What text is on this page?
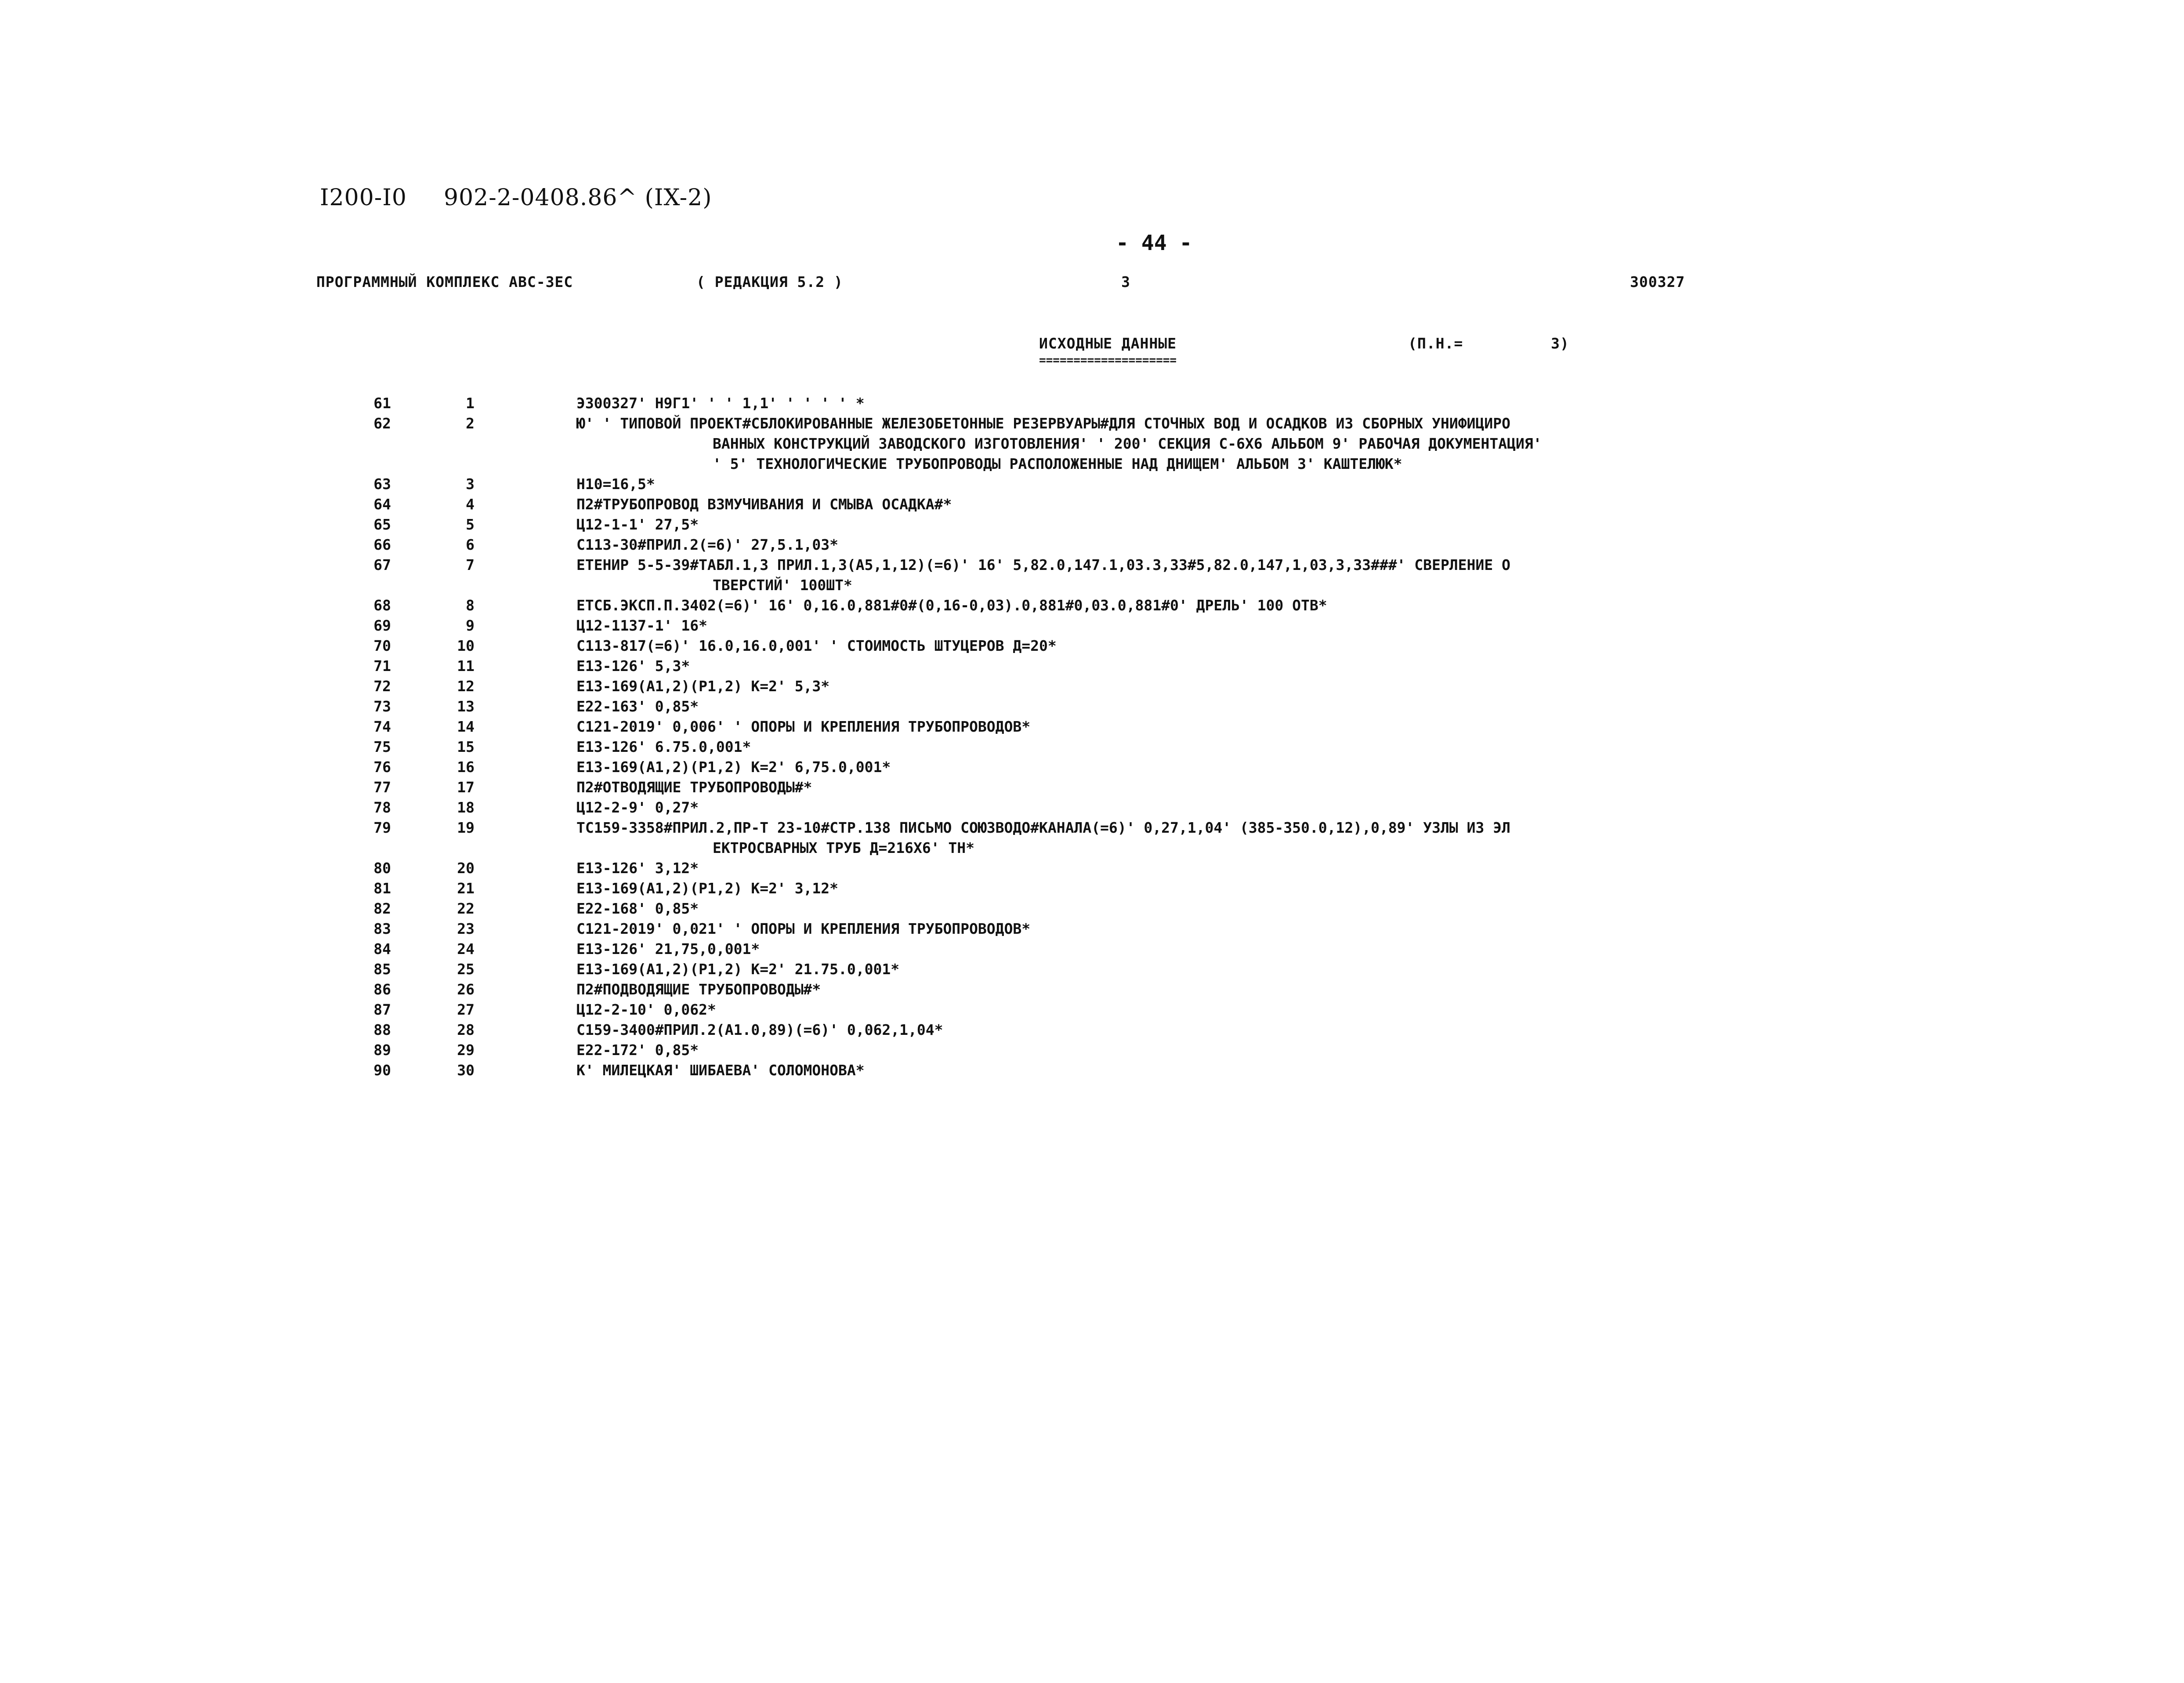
I200-I0 902-2-0408.86^ (IX-2)
- 44 -
ПРОГРАММНЫЙ КОМПЛЕКС АВС-3ЕС	( РЕДАКЦИЯ 5.2 )	3	300327
ИСХОДНЫЕ ДАННЫЕ	(П.Н.=	3)
====================
61	1	Э300327' Н9Г1' ' ' 1,1' ' ' ' ' *
62	2	Ю' ' ТИПОВОЙ ПРОЕКТ#СБЛОКИРОВАННЫЕ ЖЕЛЕЗОБЕТОННЫЕ РЕЗЕРВУАРЫ#ДЛЯ СТОЧНЫХ ВОД И ОСАДКОВ ИЗ СБОРНЫХ УНИФИЦИРО
ВАННЫХ КОНСТРУКЦИЙ ЗАВОДСКОГО ИЗГОТОВЛЕНИЯ' ' 200' СЕКЦИЯ С-6Х6 АЛЬБОМ 9' РАБОЧАЯ ДОКУМЕНТАЦИЯ'
' 5' ТЕХНОЛОГИЧЕСКИЕ ТРУБОПРОВОДЫ РАСПОЛОЖЕННЫЕ НАД ДНИЩЕМ' АЛЬБОМ 3' КАШТЕЛЮК*
63	3	Н10=16,5*
64	4	П2#ТРУБОПРОВОД ВЗМУЧИВАНИЯ И СМЫВА ОСАДКА#*
65	5	Ц12-1-1' 27,5*
66	6	С113-30#ПРИЛ.2(=6)' 27,5.1,03*
67	7	ЕТЕНИР 5-5-39#ТАБЛ.1,3 ПРИЛ.1,3(А5,1,12)(=6)' 16' 5,82.0,147.1,03.3,33#5,82.0,147,1,03,3,33###' СВЕРЛЕНИЕ О
ТВЕРСТИЙ' 100ШТ*
68	8	ЕТСБ.ЭКСП.П.3402(=6)' 16' 0,16.0,881#0#(0,16-0,03).0,881#0,03.0,881#0' ДРЕЛЬ' 100 ОТВ*
69	9	Ц12-1137-1' 16*
70	10	С113-817(=6)' 16.0,16.0,001' ' СТОИМОСТЬ ШТУЦЕРОВ Д=20*
71	11	Е13-126' 5,3*
72	12	Е13-169(А1,2)(Р1,2) К=2' 5,3*
73	13	Е22-163' 0,85*
74	14	С121-2019' 0,006' ' ОПОРЫ И КРЕПЛЕНИЯ ТРУБОПРОВОДОВ*
75	15	Е13-126' 6.75.0,001*
76	16	Е13-169(А1,2)(Р1,2) К=2' 6,75.0,001*
77	17	П2#ОТВОДЯЩИЕ ТРУБОПРОВОДЫ#*
78	18	Ц12-2-9' 0,27*
79	19	ТС159-3358#ПРИЛ.2,ПР-Т 23-10#СТР.138 ПИСЬМО СОЮЗВОДО#КАНАЛА(=6)' 0,27,1,04' (385-350.0,12),0,89' УЗЛЫ ИЗ ЭЛ
ЕКТРОСВАРНЫХ ТРУБ Д=216Х6' ТН*
80	20	Е13-126' 3,12*
81	21	Е13-169(А1,2)(Р1,2) К=2' 3,12*
82	22	Е22-168' 0,85*
83	23	С121-2019' 0,021' ' ОПОРЫ И КРЕПЛЕНИЯ ТРУБОПРОВОДОВ*
84	24	Е13-126' 21,75,0,001*
85	25	Е13-169(А1,2)(Р1,2) К=2' 21.75.0,001*
86	26	П2#ПОДВОДЯЩИЕ ТРУБОПРОВОДЫ#*
87	27	Ц12-2-10' 0,062*
88	28	С159-3400#ПРИЛ.2(А1.0,89)(=6)' 0,062,1,04*
89	29	Е22-172' 0,85*
90	30	К' МИЛЕЦКАЯ' ШИБАЕВА' СОЛОМОНОВА*
